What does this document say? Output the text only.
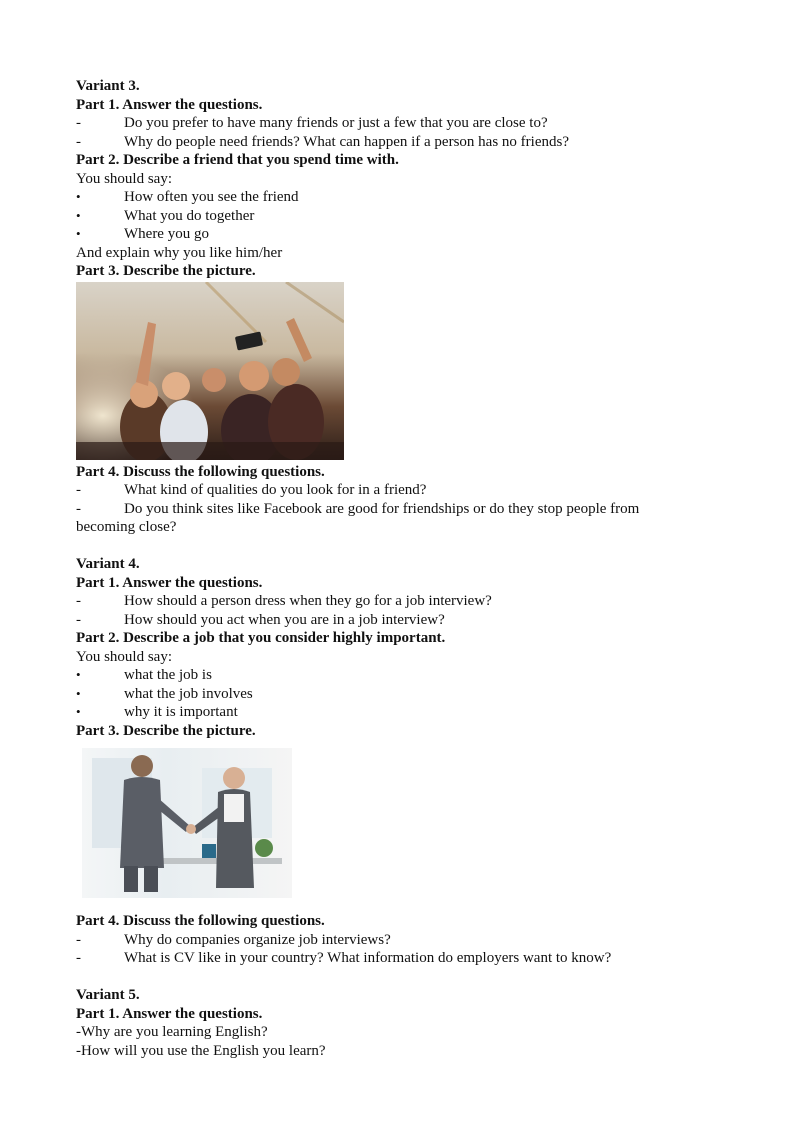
Variant 3.
Part 1. Answer the questions.
-	Do you prefer to have many friends or just a few that you are close to?
-	Why do people need friends? What can happen if a person has no friends?
Part 2. Describe a friend that you spend time with.
You should say:
•	How often you see the friend
•	What you do together
•	Where you go
And explain why you like him/her
Part 3. Describe the picture.
Part 4. Discuss the following questions.
-	What kind of qualities do you look for in a friend?
-	Do you think sites like Facebook are good for friendships or do they stop people from
becoming close?
Variant 4.
Part 1. Answer the questions.
-	How should a person dress when they go for a job interview?
-	How should you act when you are in a job interview?
Part 2. Describe a job that you consider highly important.
You should say:
•	what the job is
•	what the job involves
•	why it is important
Part 3. Describe the picture.
Part 4. Discuss the following questions.
-	Why do companies organize job interviews?
-	What is CV like in your country? What information do employers want to know?
Variant 5.
Part 1. Answer the questions.
-Why are you learning English?
-How will you use the English you learn?
